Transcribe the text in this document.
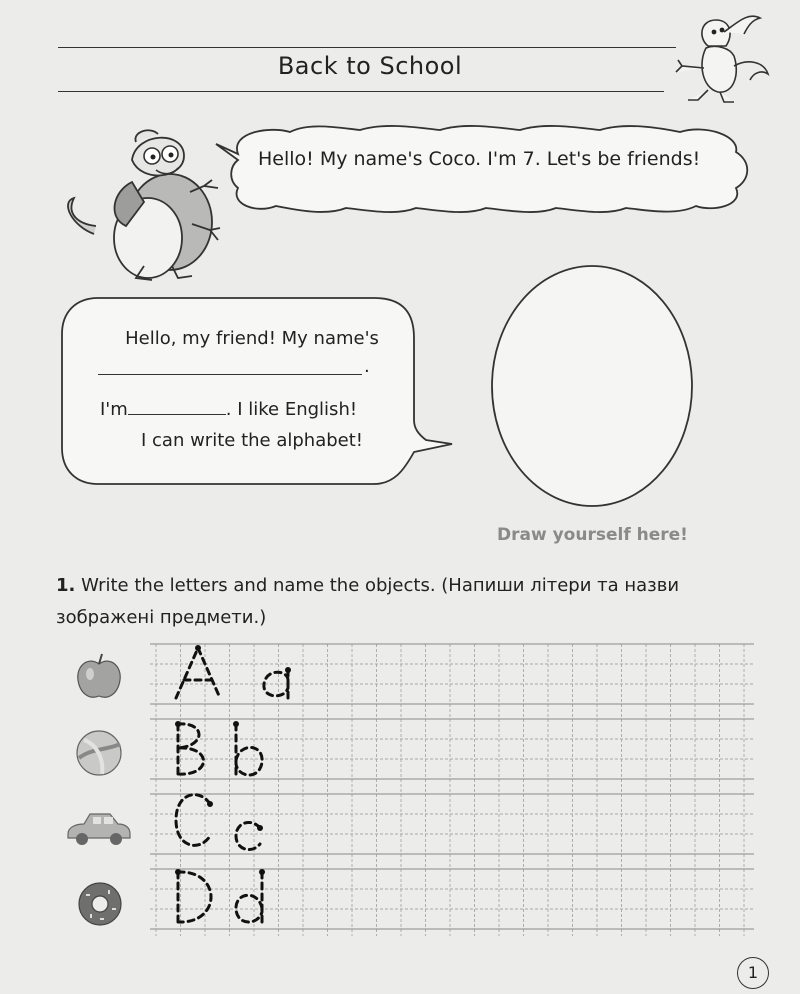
Back to School
Hello! My name's Coco. I'm 7. Let's be friends!
Hello, my friend! My name's
.
I'm	. I like English!
I can write the alphabet!
Draw yourself here!
1. Write the letters and name the objects. (Напиши літери та назви зображені предмети.)
1
